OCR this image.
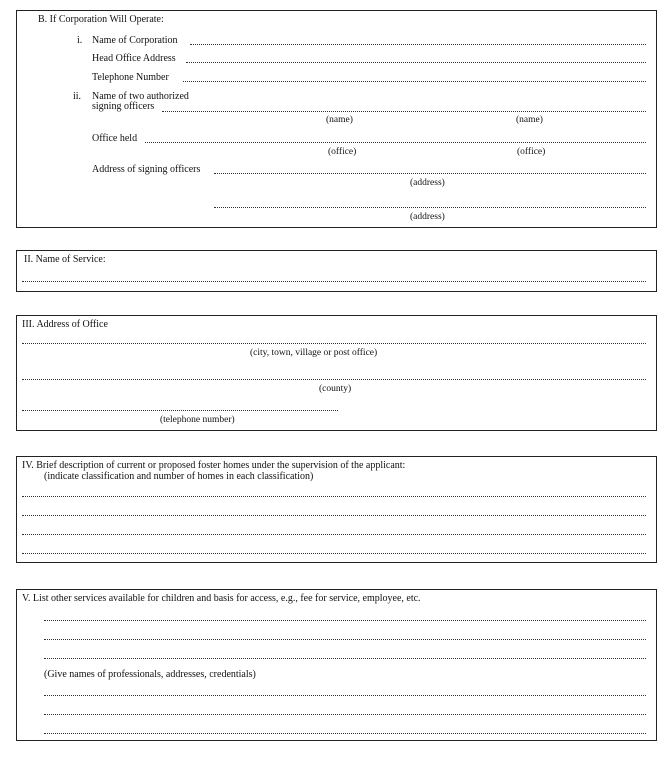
B. If Corporation Will Operate:
i. Name of Corporation
Head Office Address
Telephone Number
ii. Name of two authorized
signing officers
(name)	(name)
Office held
(office)	(office)
Address of signing officers
(address)
(address)
II. Name of Service:
III. Address of Office
(city, town, village or post office)
(county)
(telephone number)
IV. Brief description of current or proposed foster homes under the supervision of the applicant:
(indicate classification and number of homes in each classification)
V. List other services available for children and basis for access, e.g., fee for service, employee, etc.
(Give names of professionals, addresses, credentials)
